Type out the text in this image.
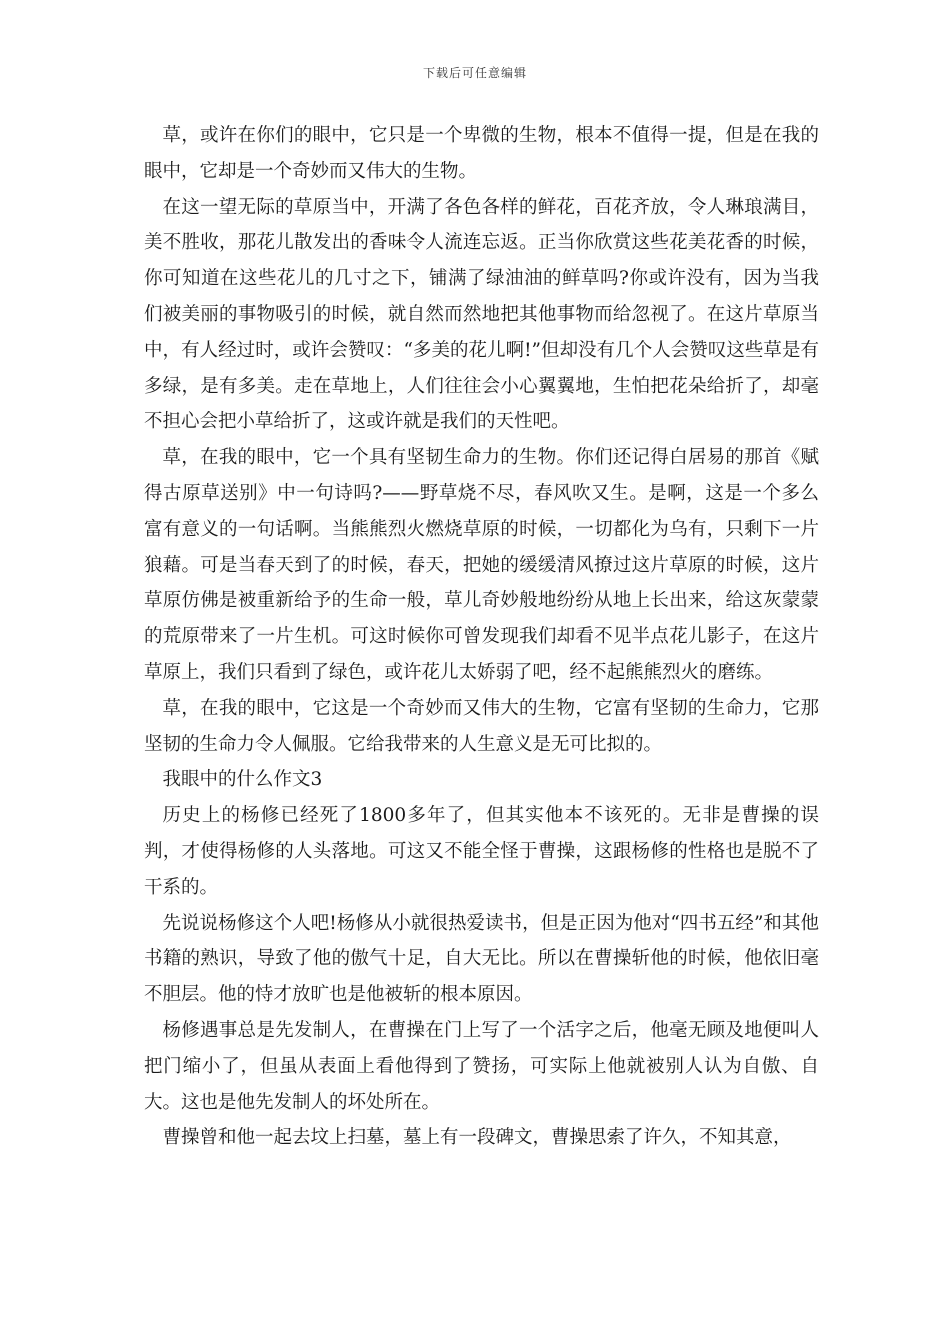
下载后可任意编辑

草，或许在你们的眼中，它只是一个卑微的生物，根本不值得一提，但是在我的眼中，它却是一个奇妙而又伟大的生物。

在这一望无际的草原当中，开满了各色各样的鲜花，百花齐放，令人琳琅满目，美不胜收，那花儿散发出的香味令人流连忘返。正当你欣赏这些花美花香的时候，你可知道在这些花儿的几寸之下，铺满了绿油油的鲜草吗?你或许没有，因为当我们被美丽的事物吸引的时候，就自然而然地把其他事物而给忽视了。在这片草原当中，有人经过时，或许会赞叹：“多美的花儿啊!”但却没有几个人会赞叹这些草是有多绿，是有多美。走在草地上，人们往往会小心翼翼地，生怕把花朵给折了，却毫不担心会把小草给折了，这或许就是我们的天性吧。

草，在我的眼中，它一个具有坚韧生命力的生物。你们还记得白居易的那首《赋得古原草送别》中一句诗吗?——野草烧不尽，春风吹又生。是啊，这是一个多么富有意义的一句话啊。当熊熊烈火燃烧草原的时候，一切都化为乌有，只剩下一片狼藉。可是当春天到了的时候，春天，把她的缓缓清风撩过这片草原的时候，这片草原仿佛是被重新给予的生命一般，草儿奇妙般地纷纷从地上长出来，给这灰蒙蒙的荒原带来了一片生机。可这时候你可曾发现我们却看不见半点花儿影子，在这片草原上，我们只看到了绿色，或许花儿太娇弱了吧，经不起熊熊烈火的磨练。

草，在我的眼中，它这是一个奇妙而又伟大的生物，它富有坚韧的生命力，它那坚韧的生命力令人佩服。它给我带来的人生意义是无可比拟的。

我眼中的什么作文3

历史上的杨修已经死了1800多年了，但其实他本不该死的。无非是曹操的误判，才使得杨修的人头落地。可这又不能全怪于曹操，这跟杨修的性格也是脱不了干系的。

先说说杨修这个人吧!杨修从小就很热爱读书，但是正因为他对“四书五经”和其他书籍的熟识，导致了他的傲气十足，自大无比。所以在曹操斩他的时候，他依旧毫不胆层。他的恃才放旷也是他被斩的根本原因。

杨修遇事总是先发制人，在曹操在门上写了一个活字之后，他毫无顾及地便叫人把门缩小了，但虽从表面上看他得到了赞扬，可实际上他就被别人认为自傲、自大。这也是他先发制人的坏处所在。

曹操曾和他一起去坟上扫墓，墓上有一段碑文，曹操思索了许久，不知其意，
